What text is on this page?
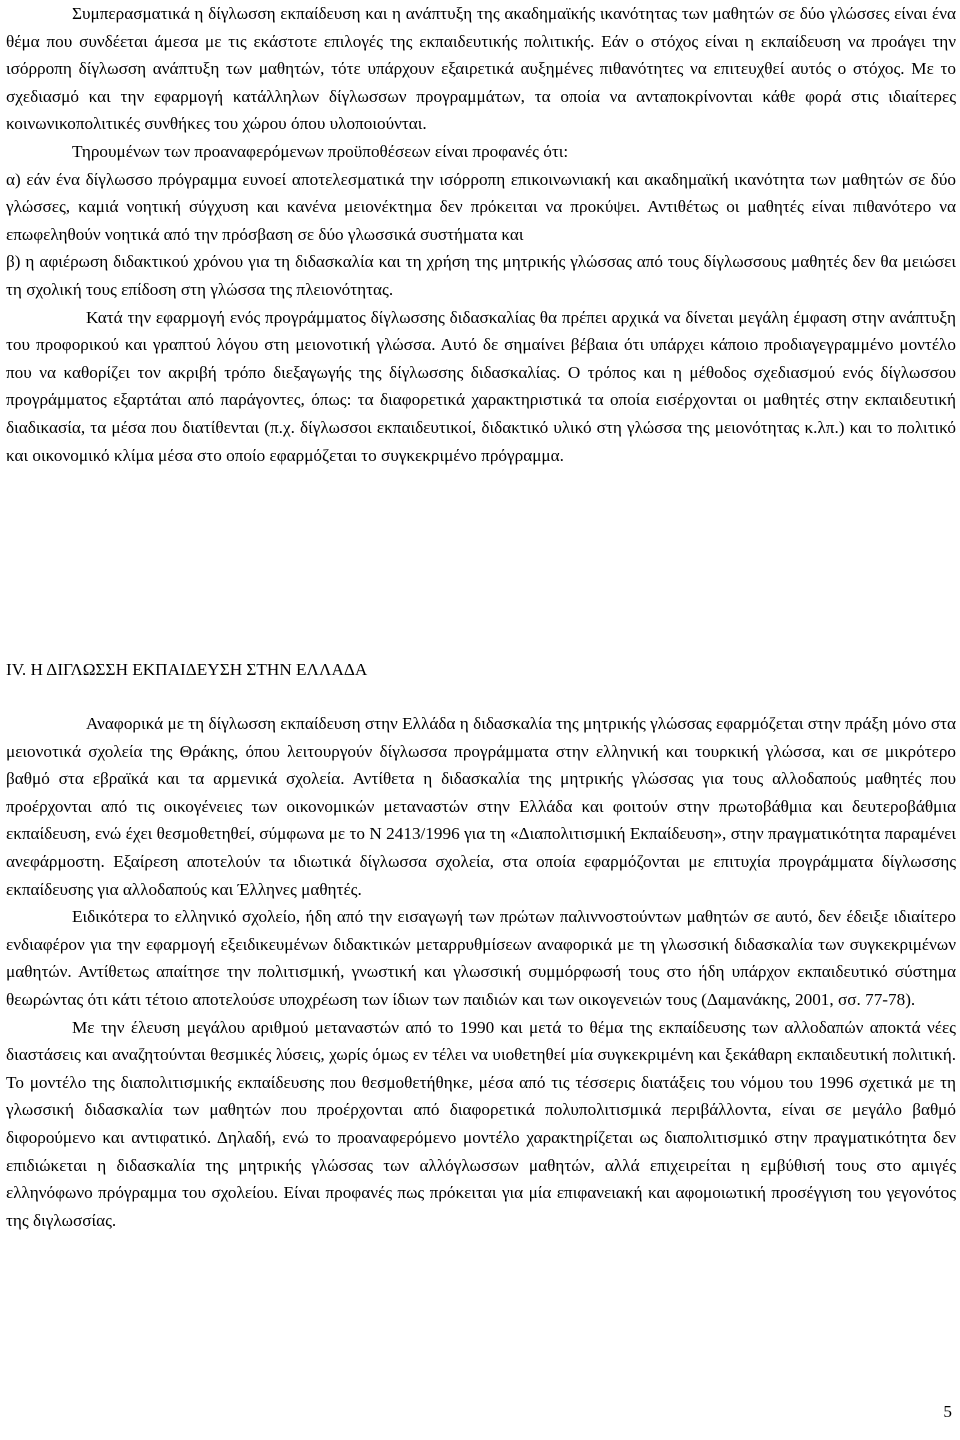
Συμπερασματικά η δίγλωσση εκπαίδευση και η ανάπτυξη της ακαδημαϊκής ικανότητας των μαθητών σε δύο γλώσσες είναι ένα θέμα που συνδέεται άμεσα με τις εκάστοτε επιλογές της εκπαιδευτικής πολιτικής. Εάν ο στόχος είναι η εκπαίδευση να προάγει την ισόρροπη δίγλωσση ανάπτυξη των μαθητών, τότε υπάρχουν εξαιρετικά αυξημένες πιθανότητες να επιτευχθεί αυτός ο στόχος. Με το σχεδιασμό και την εφαρμογή κατάλληλων δίγλωσσων προγραμμάτων, τα οποία να ανταποκρίνονται κάθε φορά στις ιδιαίτερες κοινωνικοπολιτικές συνθήκες του χώρου όπου υλοποιούνται.

Τηρουμένων των προαναφερόμενων προϋποθέσεων είναι προφανές ότι:

α) εάν ένα δίγλωσσο πρόγραμμα ευνοεί αποτελεσματικά την ισόρροπη επικοινωνιακή και ακαδημαϊκή ικανότητα των μαθητών σε δύο γλώσσες, καμιά νοητική σύγχυση και κανένα μειονέκτημα δεν πρόκειται να προκύψει. Αντιθέτως οι μαθητές είναι πιθανότερο να επωφεληθούν νοητικά από την πρόσβαση σε δύο γλωσσικά συστήματα και

β) η αφιέρωση διδακτικού χρόνου για τη διδασκαλία και τη χρήση της μητρικής γλώσσας από τους δίγλωσσους μαθητές δεν θα μειώσει τη σχολική τους επίδοση στη γλώσσα της πλειονότητας.

Κατά την εφαρμογή ενός προγράμματος δίγλωσσης διδασκαλίας θα πρέπει αρχικά να δίνεται μεγάλη έμφαση στην ανάπτυξη του προφορικού και γραπτού λόγου στη μειονοτική γλώσσα. Αυτό δε σημαίνει βέβαια ότι υπάρχει κάποιο προδιαγεγραμμένο μοντέλο που να καθορίζει τον ακριβή τρόπο διεξαγωγής της δίγλωσσης διδασκαλίας. Ο τρόπος και η μέθοδος σχεδιασμού ενός δίγλωσσου προγράμματος εξαρτάται από παράγοντες, όπως: τα διαφορετικά χαρακτηριστικά τα οποία εισέρχονται οι μαθητές στην εκπαιδευτική διαδικασία, τα μέσα που διατίθενται (π.χ. δίγλωσσοι εκπαιδευτικοί, διδακτικό υλικό στη γλώσσα της μειονότητας κ.λπ.) και το πολιτικό και οικονομικό κλίμα μέσα στο οποίο εφαρμόζεται το συγκεκριμένο πρόγραμμα.

IV. Η ΔΙΓΛΩΣΣΗ ΕΚΠΑΙΔΕΥΣΗ ΣΤΗΝ ΕΛΛΑΔΑ

Αναφορικά με τη δίγλωσση εκπαίδευση στην Ελλάδα η διδασκαλία της μητρικής γλώσσας εφαρμόζεται στην πράξη μόνο στα μειονοτικά σχολεία της Θράκης, όπου λειτουργούν δίγλωσσα προγράμματα στην ελληνική και τουρκική γλώσσα, και σε μικρότερο βαθμό στα εβραϊκά και τα αρμενικά σχολεία. Αντίθετα η διδασκαλία της μητρικής γλώσσας για τους αλλοδαπούς μαθητές που προέρχονται από τις οικογένειες των οικονομικών μεταναστών στην Ελλάδα και φοιτούν στην πρωτοβάθμια και δευτεροβάθμια εκπαίδευση, ενώ έχει θεσμοθετηθεί, σύμφωνα με το Ν 2413/1996 για τη «Διαπολιτισμική Εκπαίδευση», στην πραγματικότητα παραμένει ανεφάρμοστη. Εξαίρεση αποτελούν τα ιδιωτικά δίγλωσσα σχολεία, στα οποία εφαρμόζονται με επιτυχία προγράμματα δίγλωσσης εκπαίδευσης για αλλοδαπούς και Έλληνες μαθητές.

Ειδικότερα το ελληνικό σχολείο, ήδη από την εισαγωγή των πρώτων παλιννοστούντων μαθητών σε αυτό, δεν έδειξε ιδιαίτερο ενδιαφέρον για την εφαρμογή εξειδικευμένων διδακτικών μεταρρυθμίσεων αναφορικά με τη γλωσσική διδασκαλία των συγκεκριμένων μαθητών. Αντίθετως απαίτησε την πολιτισμική, γνωστική και γλωσσική συμμόρφωσή τους στο ήδη υπάρχον εκπαιδευτικό σύστημα θεωρώντας ότι κάτι τέτοιο αποτελούσε υποχρέωση των ίδιων των παιδιών και των οικογενειών τους (Δαμανάκης, 2001, σσ. 77-78).

Με την έλευση μεγάλου αριθμού μεταναστών από το 1990 και μετά το θέμα της εκπαίδευσης των αλλοδαπών αποκτά νέες διαστάσεις και αναζητούνται θεσμικές λύσεις, χωρίς όμως εν τέλει να υιοθετηθεί μία συγκεκριμένη και ξεκάθαρη εκπαιδευτική πολιτική. Το μοντέλο της διαπολιτισμικής εκπαίδευσης που θεσμοθετήθηκε, μέσα από τις τέσσερις διατάξεις του νόμου του 1996 σχετικά με τη γλωσσική διδασκαλία των μαθητών που προέρχονται από διαφορετικά πολυπολιτισμικά περιβάλλοντα, είναι σε μεγάλο βαθμό διφορούμενο και αντιφατικό. Δηλαδή, ενώ το προαναφερόμενο μοντέλο χαρακτηρίζεται ως διαπολιτισμικό στην πραγματικότητα δεν επιδιώκεται η διδασκαλία της μητρικής γλώσσας των αλλόγλωσσων μαθητών, αλλά επιχειρείται η εμβύθισή τους στο αμιγές ελληνόφωνο πρόγραμμα του σχολείου. Είναι προφανές πως πρόκειται για μία επιφανειακή και αφομοιωτική προσέγγιση του γεγονότος της διγλωσσίας.

5
